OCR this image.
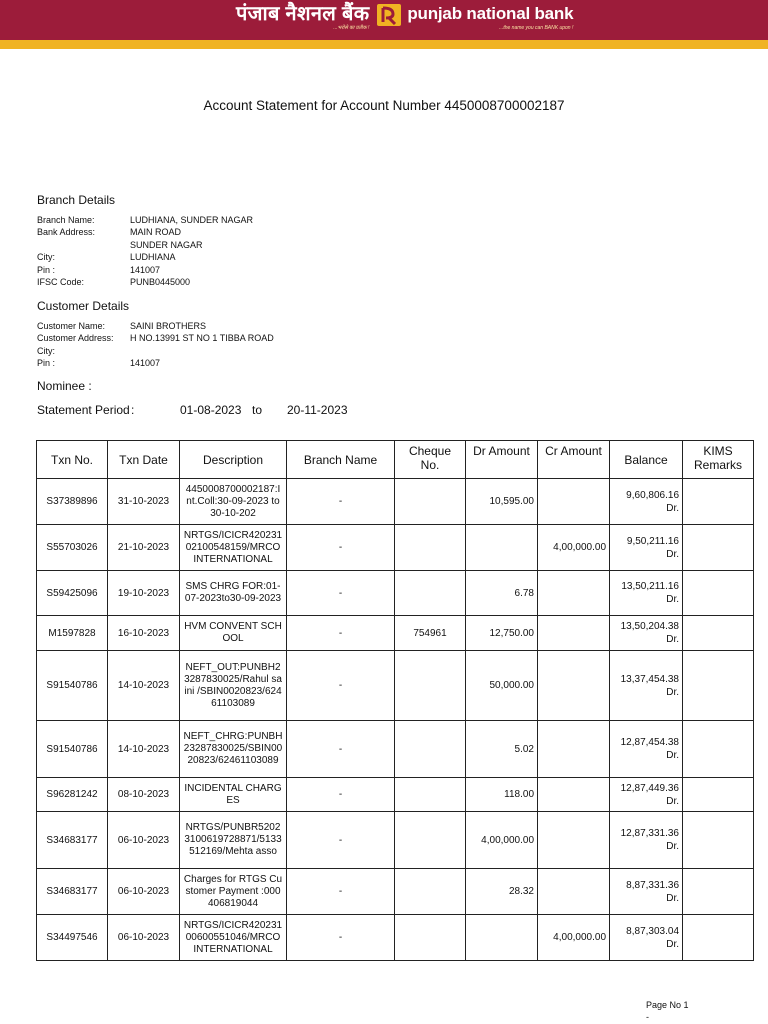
पंजाब नैशनल बैंक
...भरोसे का प्रतीक !
punjab national bank
...the name you can BANK upon !
Account Statement for Account Number 4450008700002187
Branch Details
Branch Name:	LUDHIANA, SUNDER NAGAR
Bank Address:	MAIN ROAD
SUNDER NAGAR
City:	LUDHIANA
Pin :	141007
IFSC Code:	PUNB0445000
Customer Details
Customer Name:	SAINI BROTHERS
Customer Address:	H NO.13991 ST NO 1 TIBBA ROAD
City:
Pin :	141007
Nominee :
Statement Period :	01-08-2023 to 20-11-2023
Txn No.	Txn Date	Description	Branch Name	Cheque No.	Dr Amount	Cr Amount	Balance	KIMS Remarks
S37389896	31-10-2023	4450008700002187:Int.Coll:30-09-2023 to 30-10-202	-		10,595.00		9,60,806.16
Dr.	

S55703026	21-10-2023	NRTGS/ICICR42023102100548159/MRCO INTERNATIONAL	-			4,00,000.00	9,50,211.16
Dr.	

S59425096	19-10-2023	SMS CHRG FOR:01-07-2023to30-09-2023	-		6.78		13,50,211.16
Dr.	

M1597828	16-10-2023	HVM CONVENT SCHOOL	-	754961	12,750.00		13,50,204.38
Dr.	

S91540786	14-10-2023	NEFT_OUT:PUNBH23287830025/Rahul saini /SBIN0020823/62461103089	-		50,000.00		13,37,454.38
Dr.	

S91540786	14-10-2023	NEFT_CHRG:PUNBH23287830025/SBIN0020823/62461103089	-		5.02		12,87,454.38
Dr.	

S96281242	08-10-2023	INCIDENTAL CHARGES	-		118.00		12,87,449.36
Dr.	

S34683177	06-10-2023	NRTGS/PUNBR52023100619728871/5133512169/Mehta asso	-		4,00,000.00		12,87,331.36
Dr.	

S34683177	06-10-2023	Charges for RTGS Customer Payment :000406819044	-		28.32		8,87,331.36
Dr.	

S34497546	06-10-2023	NRTGS/ICICR42023100600551046/MRCO INTERNATIONAL	-			4,00,000.00	8,87,303.04
Dr.	

Page No 1
-
